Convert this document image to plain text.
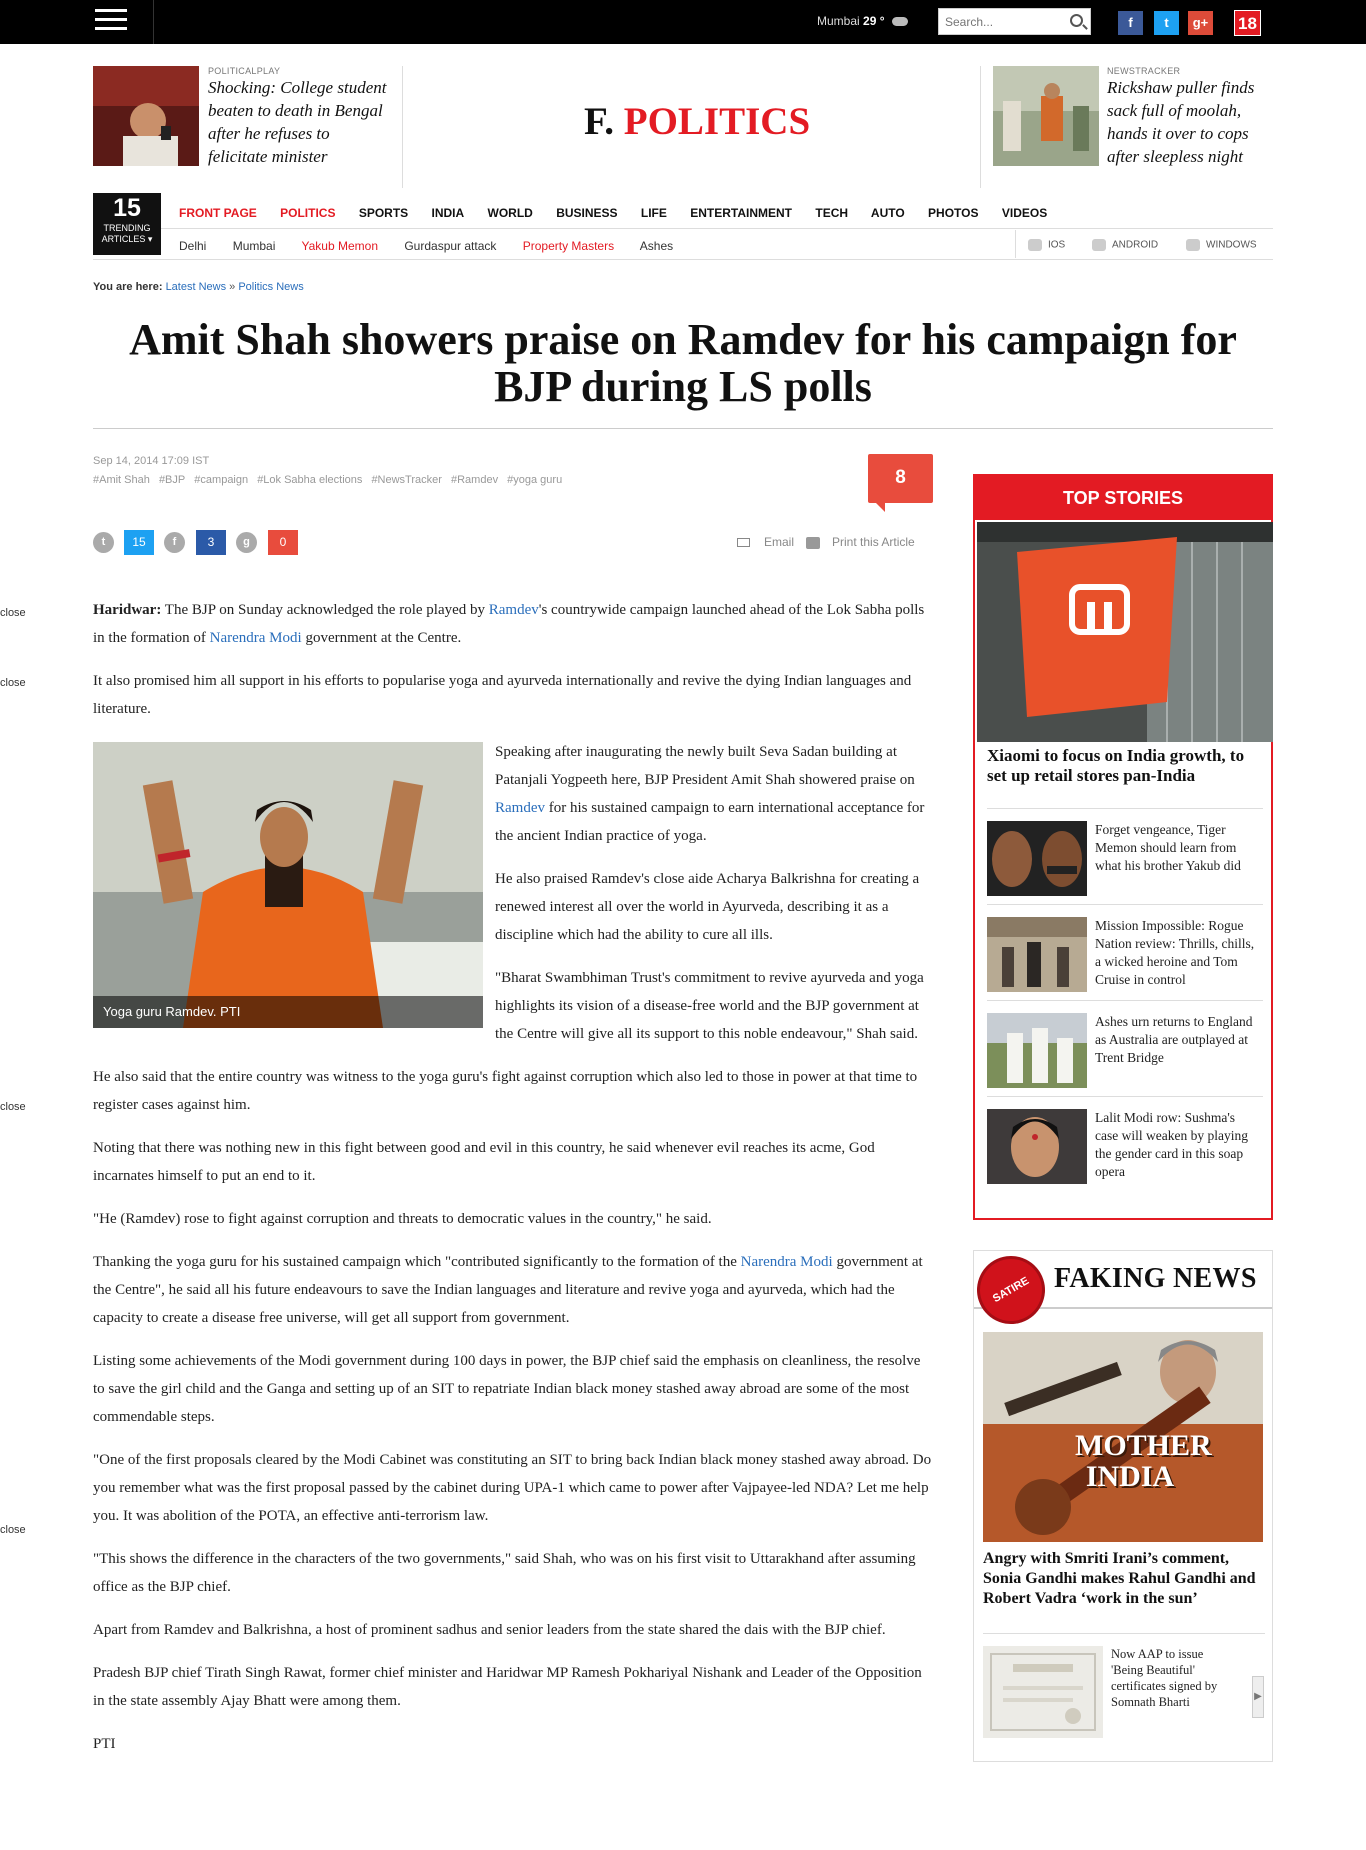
Mumbai 29 °
Search...	f	t	g+ 18
POLITICALPLAY
Shocking: College student beaten to death in Bengal after he refuses to felicitate minister
F. POLITICS
NEWSTRACKER
Rickshaw puller finds sack full of moolah, hands it over to cops after sleepless night
15
TRENDING
ARTICLES ▾
FRONT PAGE POLITICS SPORTS INDIA WORLD BUSINESS LIFE ENTERTAINMENT TECH AUTO PHOTOS VIDEOS
Delhi Mumbai Yakub Memon Gurdaspur attack Property Masters Ashes	IOS	ANDROID	WINDOWS
You are here: Latest News » Politics News
Amit Shah showers praise on Ramdev for his campaign for BJP during LS polls
Sep 14, 2014 17:09 IST
#Amit Shah #BJP #campaign #Lok Sabha elections #NewsTracker #Ramdev #yoga guru	8
t	15	f	3	g	0	Email	Print this Article
close
close
close
close

Haridwar: The BJP on Sunday acknowledged the role played by Ramdev's countrywide campaign launched ahead of the Lok Sabha polls in the formation of Narendra Modi government at the Centre.

It also promised him all support in his efforts to popularise yoga and ayurveda internationally and revive the dying Indian languages and literature.

Yoga guru Ramdev. PTI

Speaking after inaugurating the newly built Seva Sadan building at Patanjali Yogpeeth here, BJP President Amit Shah showered praise on Ramdev for his sustained campaign to earn international acceptance for the ancient Indian practice of yoga.

He also praised Ramdev's close aide Acharya Balkrishna for creating a renewed interest all over the world in Ayurveda, describing it as a discipline which had the ability to cure all ills.

"Bharat Swambhiman Trust's commitment to revive ayurveda and yoga highlights its vision of a disease-free world and the BJP government at the Centre will give all its support to this noble endeavour," Shah said.

He also said that the entire country was witness to the yoga guru's fight against corruption which also led to those in power at that time to register cases against him.

Noting that there was nothing new in this fight between good and evil in this country, he said whenever evil reaches its acme, God incarnates himself to put an end to it.

"He (Ramdev) rose to fight against corruption and threats to democratic values in the country," he said.

Thanking the yoga guru for his sustained campaign which "contributed significantly to the formation of the Narendra Modi government at the Centre", he said all his future endeavours to save the Indian languages and literature and revive yoga and ayurveda, which had the capacity to create a disease free universe, will get all support from government.

Listing some achievements of the Modi government during 100 days in power, the BJP chief said the emphasis on cleanliness, the resolve to save the girl child and the Ganga and setting up of an SIT to repatriate Indian black money stashed away abroad are some of the most commendable steps.

"One of the first proposals cleared by the Modi Cabinet was constituting an SIT to bring back Indian black money stashed away abroad. Do you remember what was the first proposal passed by the cabinet during UPA-1 which came to power after Vajpayee-led NDA? Let me help you. It was abolition of the POTA, an effective anti-terrorism law.

"This shows the difference in the characters of the two governments," said Shah, who was on his first visit to Uttarakhand after assuming office as the BJP chief.

Apart from Ramdev and Balkrishna, a host of prominent sadhus and senior leaders from the state shared the dais with the BJP chief.

Pradesh BJP chief Tirath Singh Rawat, former chief minister and Haridwar MP Ramesh Pokhariyal Nishank and Leader of the Opposition in the state assembly Ajay Bhatt were among them.

PTI

TOP STORIES
Xiaomi to focus on India growth, to set up retail stores pan-India
Forget vengeance, Tiger Memon should learn from what his brother Yakub did
Mission Impossible: Rogue Nation review: Thrills, chills, a wicked heroine and Tom Cruise in control
Ashes urn returns to England as Australia are outplayed at Trent Bridge
Lalit Modi row: Sushma's case will weaken by playing the gender card in this soap opera
SATIRE FAKING NEWS
MOTHER INDIA
Angry with Smriti Irani’s comment, Sonia Gandhi makes Rahul Gandhi and Robert Vadra ‘work in the sun’
Now AAP to issue 'Being Beautiful' certificates signed by Somnath Bharti	▶
